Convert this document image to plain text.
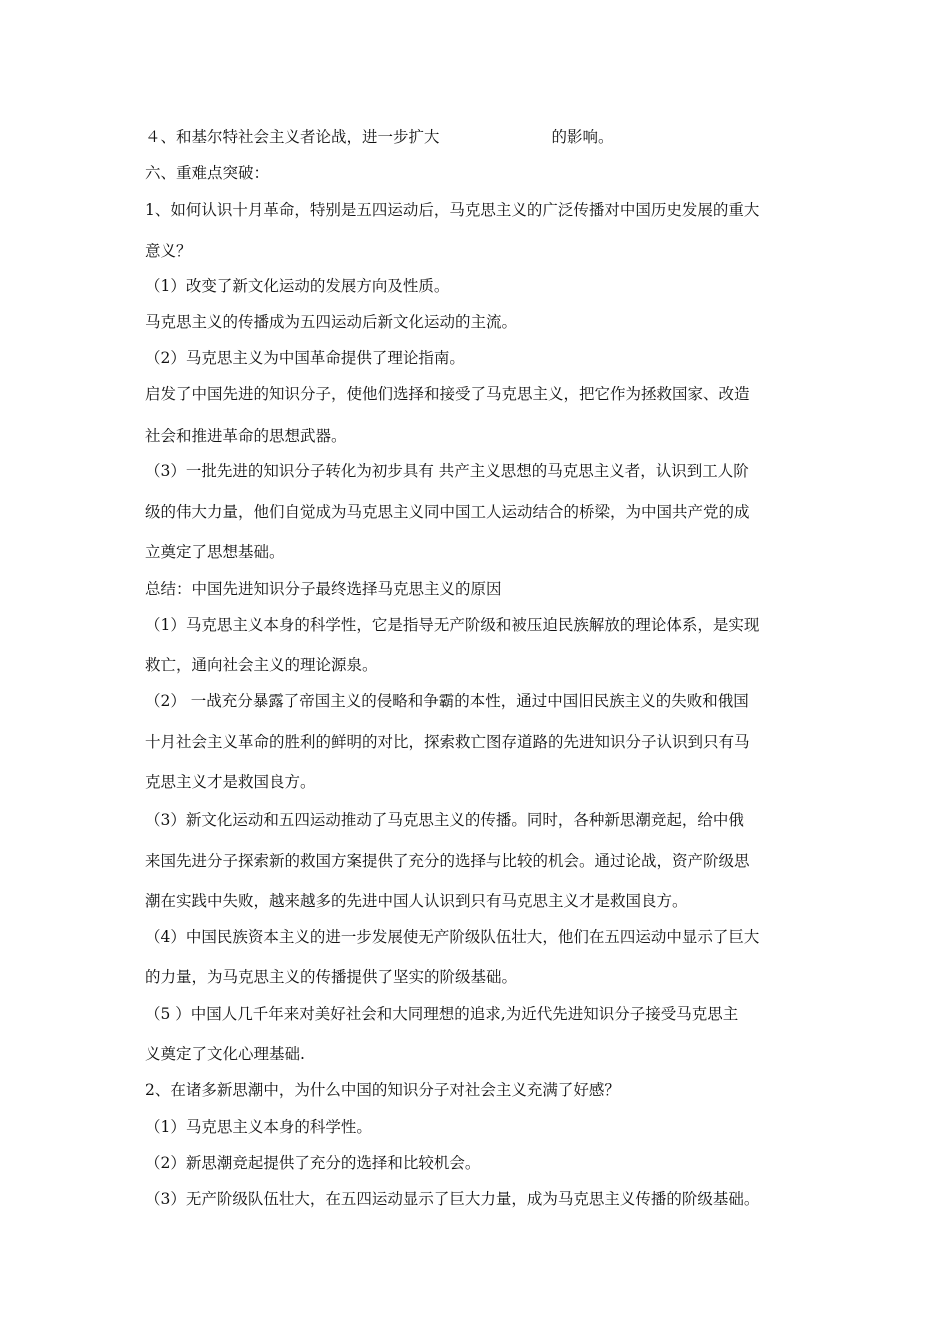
４、和基尔特社会主义者论战，进一步扩大	的影响。
六、重难点突破：
1、如何认识十月革命，特别是五四运动后，马克思主义的广泛传播对中国历史发展的重大
意义？
（1）改变了新文化运动的发展方向及性质。
马克思主义的传播成为五四运动后新文化运动的主流。
（2）马克思主义为中国革命提供了理论指南。
启发了中国先进的知识分子，使他们选择和接受了马克思主义，把它作为拯救国家、改造
社会和推进革命的思想武器。
（3）一批先进的知识分子转化为初步具有 共产主义思想的马克思主义者，认识到工人阶
级的伟大力量，他们自觉成为马克思主义同中国工人运动结合的桥梁，为中国共产党的成
立奠定了思想基础。
总结：中国先进知识分子最终选择马克思主义的原因
（1）马克思主义本身的科学性，它是指导无产阶级和被压迫民族解放的理论体系，是实现
救亡，通向社会主义的理论源泉。
（2） 一战充分暴露了帝国主义的侵略和争霸的本性，通过中国旧民族主义的失败和俄国
十月社会主义革命的胜利的鲜明的对比，探索救亡图存道路的先进知识分子认识到只有马
克思主义才是救国良方。
（3）新文化运动和五四运动推动了马克思主义的传播。同时，各种新思潮竞起，给中俄
来国先进分子探索新的救国方案提供了充分的选择与比较的机会。通过论战，资产阶级思
潮在实践中失败，越来越多的先进中国人认识到只有马克思主义才是救国良方。
（4）中国民族资本主义的进一步发展使无产阶级队伍壮大，他们在五四运动中显示了巨大
的力量，为马克思主义的传播提供了坚实的阶级基础。
（5 ）中国人几千年来对美好社会和大同理想的追求,为近代先进知识分子接受马克思主
义奠定了文化心理基础.
2、在诸多新思潮中，为什么中国的知识分子对社会主义充满了好感？
（1）马克思主义本身的科学性。
（2）新思潮竞起提供了充分的选择和比较机会。
（3）无产阶级队伍壮大，在五四运动显示了巨大力量，成为马克思主义传播的阶级基础。
